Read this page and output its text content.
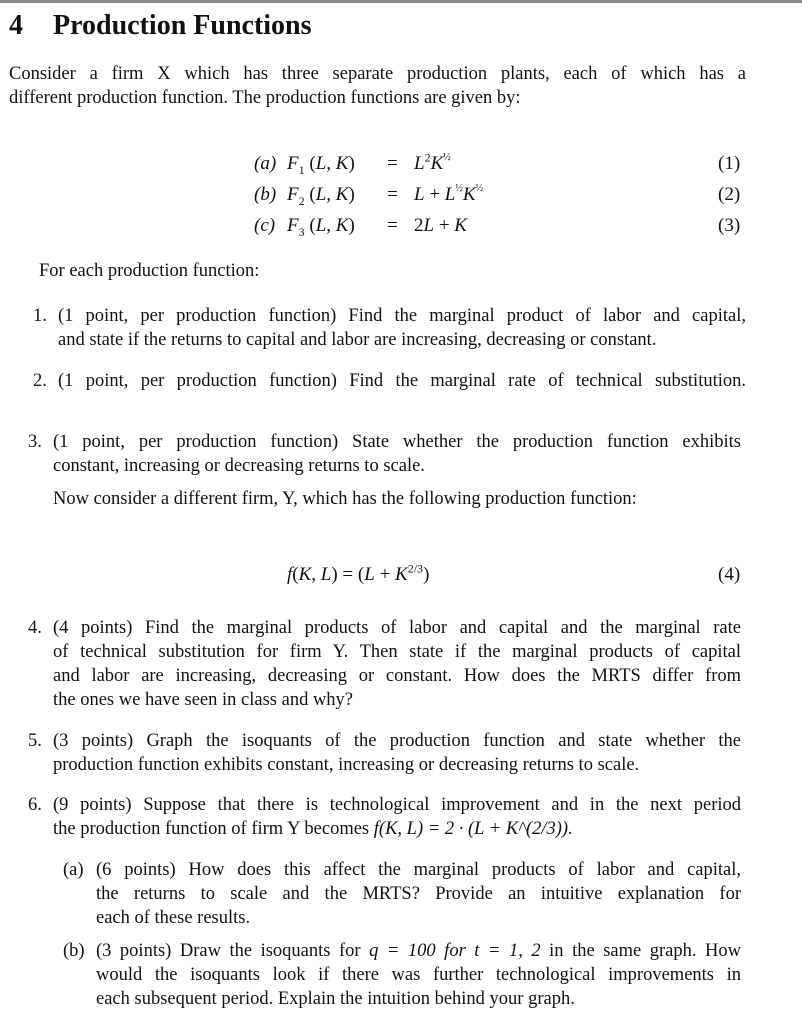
4 Production Functions
Consider a firm X which has three separate production plants, each of which has a
different production function. The production functions are given by:
(a) $F_1$ (L, $K) = L^2K\frac{1}{2}$	(1)
(b) $F_2$ (L, K) = L + L½K½	(2)
(c) $F_3$ (L, K) = 2L + K	(3)
For each production function:
1. (1 point, per production function) Find the marginal product of labor and capital,
and state if the returns to capital and labor are increasing, decreasing or constant.
2. (1 point, per production function) Find the marginal rate of technical substitution.
3. (1 point, per production function) State whether the production function exhibits
constant, increasing or decreasing returns to scale.
Now consider a different firm, Y, which has the following production function:
f(K, $L) = (L + K^{2/3})$	(4)
4. (4 points) Find the marginal products of labor and capital and the marginal rate
of technical substitution for firm Y. Then state if the marginal products of capital
and labor are increasing, decreasing or constant. How does the MRTS differ from
the ones we have seen in class and why?
5. (3 points) Graph the isoquants of the production function and state whether the
production function exhibits constant, increasing or decreasing returns to scale.
6. (9 points) Suppose that there is technological improvement and in the next period
the production function of firm Y becomes f(K, L) = 2 · (L + K^(2/3)).
(a) (6 points) How does this affect the marginal products of labor and capital,
the returns to scale and the MRTS? Provide an intuitive explanation for
each of these results.
(b) (3 points) Draw the isoquants for q = 100 for t = 1, 2 in the same graph. How
would the isoquants look if there was further technological improvements in
each subsequent period. Explain the intuition behind your graph.
